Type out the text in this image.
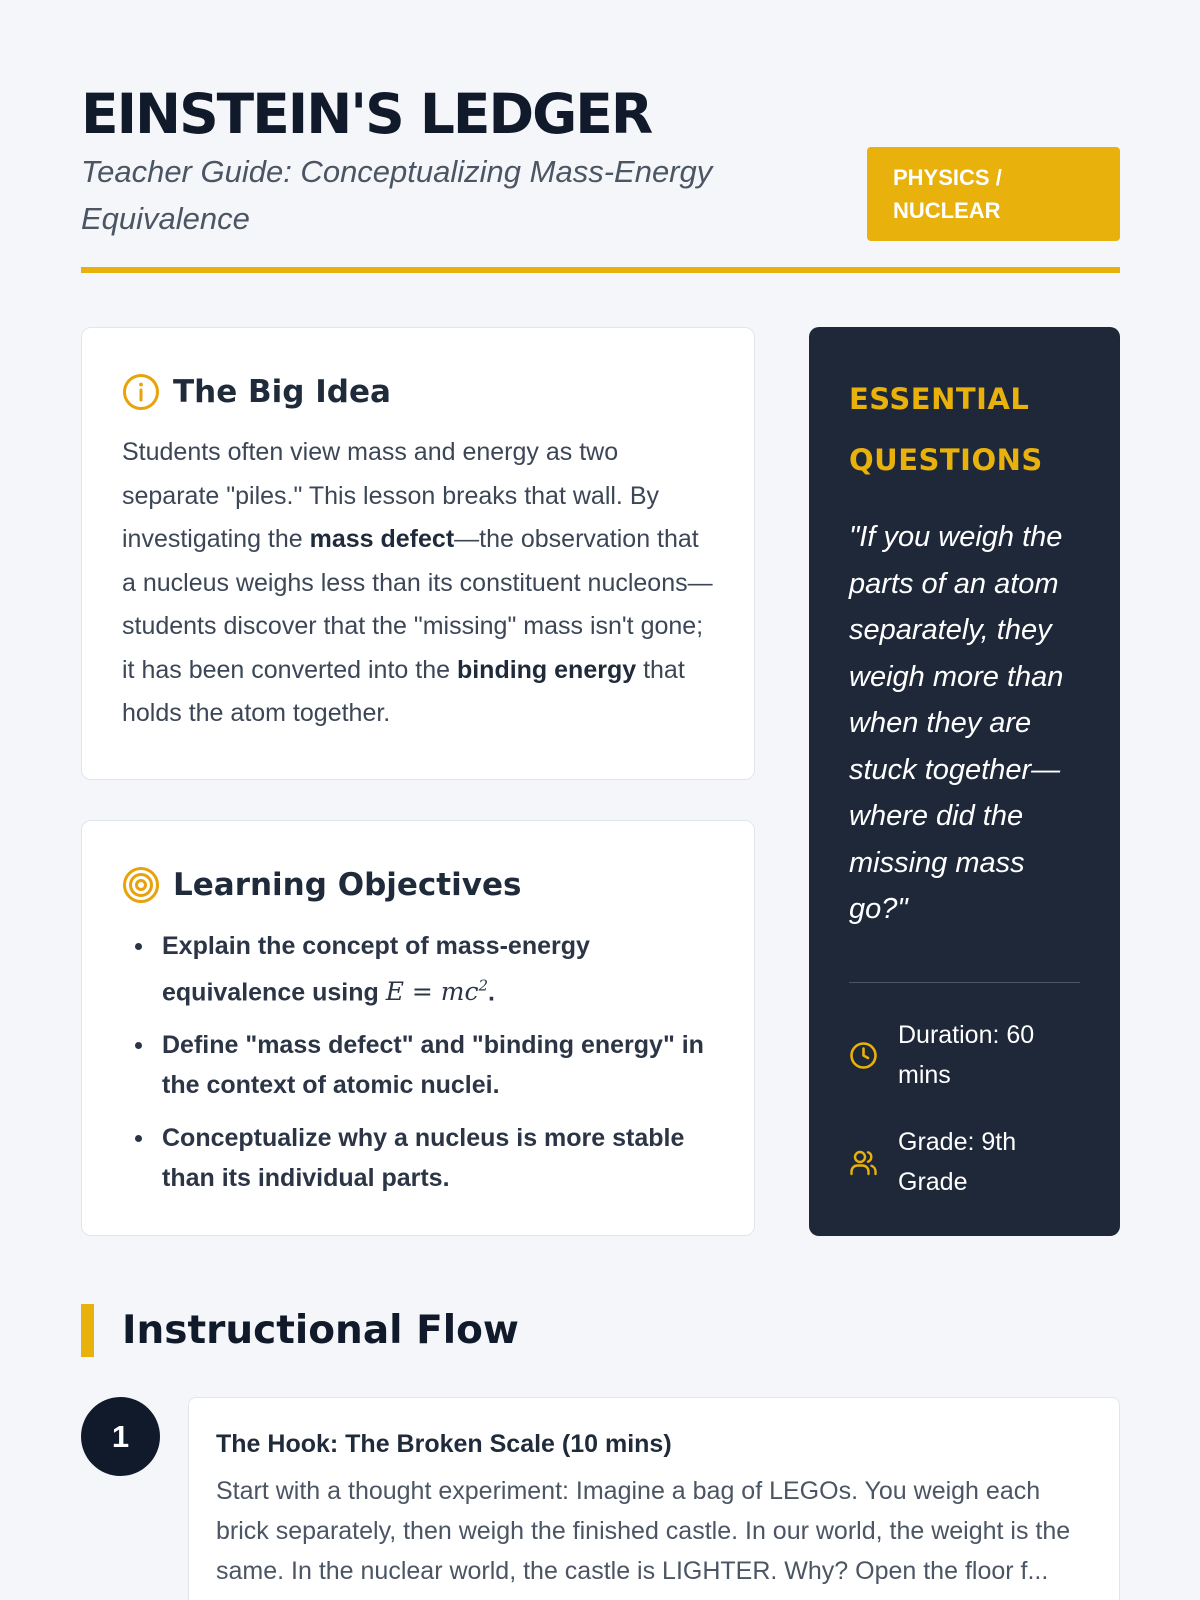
EINSTEIN'S LEDGER
Teacher Guide: Conceptualizing Mass-Energy Equivalence
PHYSICS / NUCLEAR
The Big Idea

Students often view mass and energy as two separate "piles." This lesson breaks that wall. By investigating the mass defect—the observation that a nucleus weighs less than its constituent nucleons—students discover that the "missing" mass isn't gone; it has been converted into the binding energy that holds the atom together.

Learning Objectives
Explain the concept of mass-energy equivalence using $E = mc^2$.
Define "mass defect" and "binding energy" in the context of atomic nuclei.
Conceptualize why a nucleus is more stable than its individual parts.
ESSENTIAL QUESTIONS

"If you weigh the parts of an atom separately, they weigh more than when they are stuck together—where did the missing mass go?"

Duration: 60 mins
Grade: 9th Grade
Instructional Flow
1	The Hook: The Broken Scale (10 mins)

Start with a thought experiment: Imagine a bag of LEGOs. You weigh each brick separately, then weigh the finished castle. In our world, the weight is the same. In the nuclear world, the castle is LIGHTER. Why? Open the floor f...
